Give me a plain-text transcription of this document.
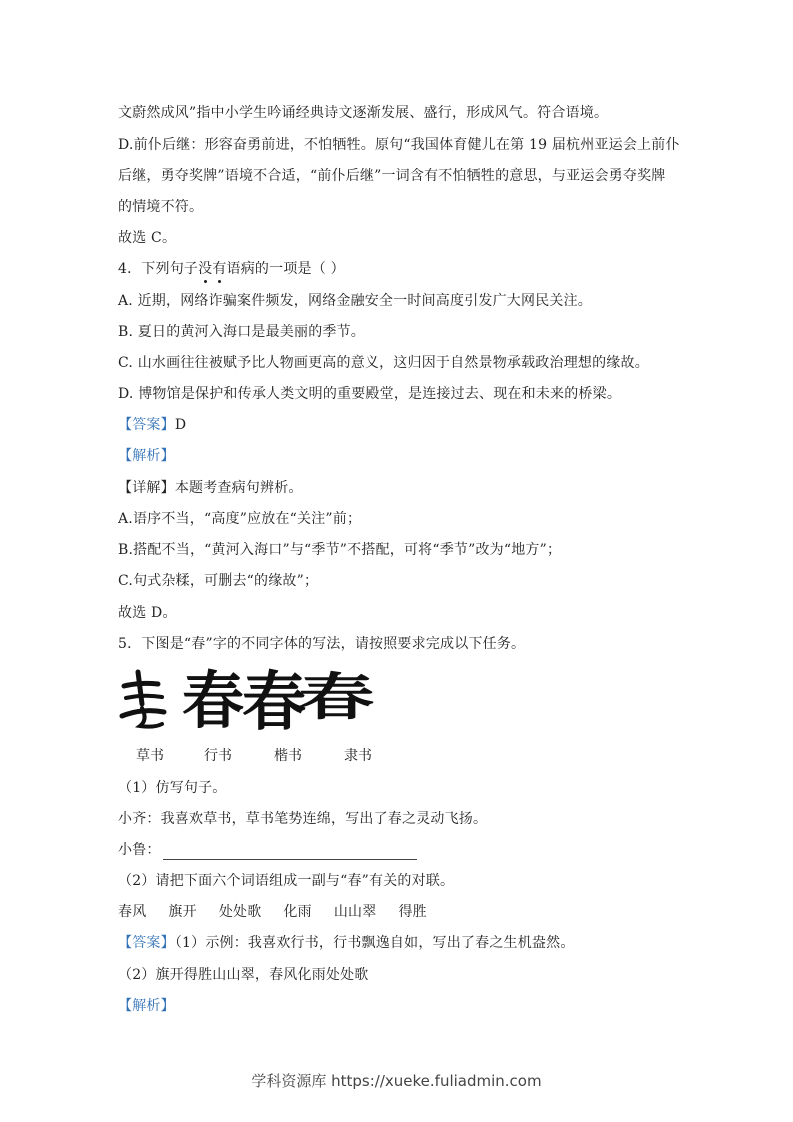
文蔚然成风”指中小学生吟诵经典诗文逐渐发展、盛行，形成风气。符合语境。
D.前仆后继：形容奋勇前进，不怕牺牲。原句“我国体育健儿在第 19 届杭州亚运会上前仆
后继，勇夺奖牌”语境不合适，“前仆后继”一词含有不怕牺牲的意思，与亚运会勇夺奖牌
的情境不符。
故选 C。
4．下列句子没有语病的一项是（ ）
A. 近期，网络诈骗案件频发，网络金融安全一时间高度引发广大网民关注。
B. 夏日的黄河入海口是最美丽的季节。
C. 山水画往往被赋予比人物画更高的意义，这归因于自然景物承载政治理想的缘故。
D. 博物馆是保护和传承人类文明的重要殿堂，是连接过去、现在和未来的桥梁。
【答案】D
【解析】
【详解】本题考查病句辨析。
A.语序不当，“高度”应放在“关注”前；
B.搭配不当，“黄河入海口”与“季节”不搭配，可将“季节”改为“地方”；
C.句式杂糅，可删去“的缘故”；
故选 D。
5．下图是“春”字的不同字体的写法，请按照要求完成以下任务。
春
春
春
草书	行书	楷书	隶书
（1）仿写句子。
小齐：我喜欢草书，草书笔势连绵，写出了春之灵动飞扬。
小鲁：
（2）请把下面六个词语组成一副与“春”有关的对联。
春风 旗开 处处歌 化雨 山山翠 得胜
【答案】（1）示例：我喜欢行书，行书飘逸自如，写出了春之生机盎然。
（2）旗开得胜山山翠，春风化雨处处歌
【解析】
学科资源库 https://xueke.fuliadmin.com
